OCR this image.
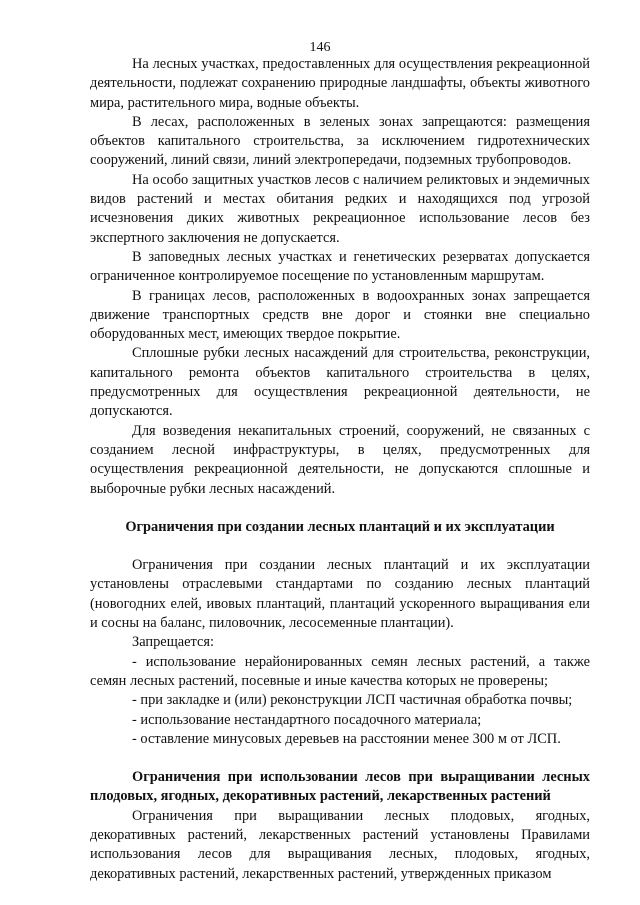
146

На лесных участках, предоставленных для осуществления рекреационной деятельности, подлежат сохранению природные ландшафты, объекты животного мира, растительного мира, водные объекты.

В лесах, расположенных в зеленых зонах запрещаются: размещения объектов капитального строительства, за исключением гидротехнических сооружений, линий связи, линий электропередачи, подземных трубопроводов.

На особо защитных участков лесов с наличием реликтовых и эндемичных видов растений и местах обитания редких и находящихся под угрозой исчезновения диких животных рекреационное использование лесов без экспертного заключения не допускается.

В заповедных лесных участках и генетических резерватах допускается ограниченное контролируемое посещение по установленным маршрутам.

В границах лесов, расположенных в водоохранных зонах запрещается движение транспортных средств вне дорог и стоянки вне специально оборудованных мест, имеющих твердое покрытие.

Сплошные рубки лесных насаждений для строительства, реконструкции, капитального ремонта объектов капитального строительства в целях, предусмотренных для осуществления рекреационной деятельности, не допускаются.

Для возведения некапитальных строений, сооружений, не связанных с созданием лесной инфраструктуры, в целях, предусмотренных для осуществления рекреационной деятельности, не допускаются сплошные и выборочные рубки лесных насаждений.

Ограничения при создании лесных плантаций и их эксплуатации

Ограничения при создании лесных плантаций и их эксплуатации установлены отраслевыми стандартами по созданию лесных плантаций (новогодних елей, ивовых плантаций, плантаций ускоренного выращивания ели и сосны на баланс, пиловочник, лесосеменные плантации).

Запрещается:

- использование нерайонированных семян лесных растений, а также семян лесных растений, посевные и иные качества которых не проверены;

- при закладке и (или) реконструкции ЛСП частичная обработка почвы;

- использование нестандартного посадочного материала;

- оставление минусовых деревьев на расстоянии менее 300 м от ЛСП.

Ограничения при использовании лесов при выращивании лесных плодовых, ягодных, декоративных растений, лекарственных растений

Ограничения при выращивании лесных плодовых, ягодных, декоративных растений, лекарственных растений установлены Правилами использования лесов для выращивания лесных, плодовых, ягодных, декоративных растений, лекарственных растений, утвержденных приказом
